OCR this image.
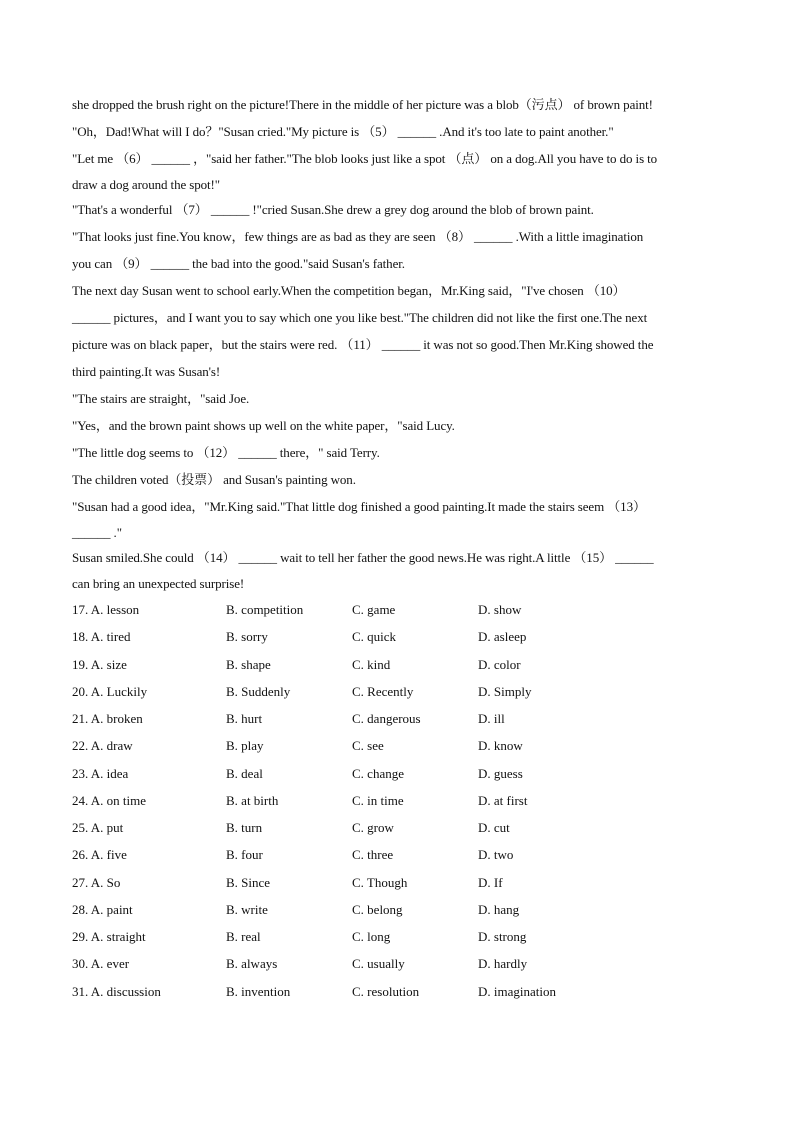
she dropped the brush right on the picture!There in the middle of her picture was a blob（污点） of brown paint!
"Oh，Dad!What will I do？"Susan cried."My picture is （5） ______ .And it's too late to paint another."
"Let me （6） ______ ，"said her father."The blob looks just like a spot （点） on a dog.All you have to do is to
draw a dog around the spot!"
"That's a wonderful （7） ______ !"cried Susan.She drew a grey dog around the blob of brown paint.
"That looks just fine.You know，few things are as bad as they are seen （8） ______ .With a little imagination
you can （9） ______ the bad into the good."said Susan's father.
The next day Susan went to school early.When the competition began，Mr.King said，"I've chosen （10）
______ pictures，and I want you to say which one you like best."The children did not like the first one.The next
picture was on black paper，but the stairs were red. （11） ______ it was not so good.Then Mr.King showed the
third painting.It was Susan's!
"The stairs are straight，"said Joe.
"Yes，and the brown paint shows up well on the white paper，"said Lucy.
"The little dog seems to （12） ______ there，" said Terry.
The children voted（投票） and Susan's painting won.
"Susan had a good idea，"Mr.King said."That little dog finished a good painting.It made the stairs seem （13）
______ ."
Susan smiled.She could （14） ______ wait to tell her father the good news.He was right.A little （15） ______
can bring an unexpected surprise!
17. A. lesson	B. competition	C. game	D. show
18. A. tired	B. sorry	C. quick	D. asleep
19. A. size	B. shape	C. kind	D. color
20. A. Luckily	B. Suddenly	C. Recently	D. Simply
21. A. broken	B. hurt	C. dangerous	D. ill
22. A. draw	B. play	C. see	D. know
23. A. idea	B. deal	C. change	D. guess
24. A. on time	B. at birth	C. in time	D. at first
25. A. put	B. turn	C. grow	D. cut
26. A. five	B. four	C. three	D. two
27. A. So	B. Since	C. Though	D. If
28. A. paint	B. write	C. belong	D. hang
29. A. straight	B. real	C. long	D. strong
30. A. ever	B. always	C. usually	D. hardly
31. A. discussion	B. invention	C. resolution	D. imagination
